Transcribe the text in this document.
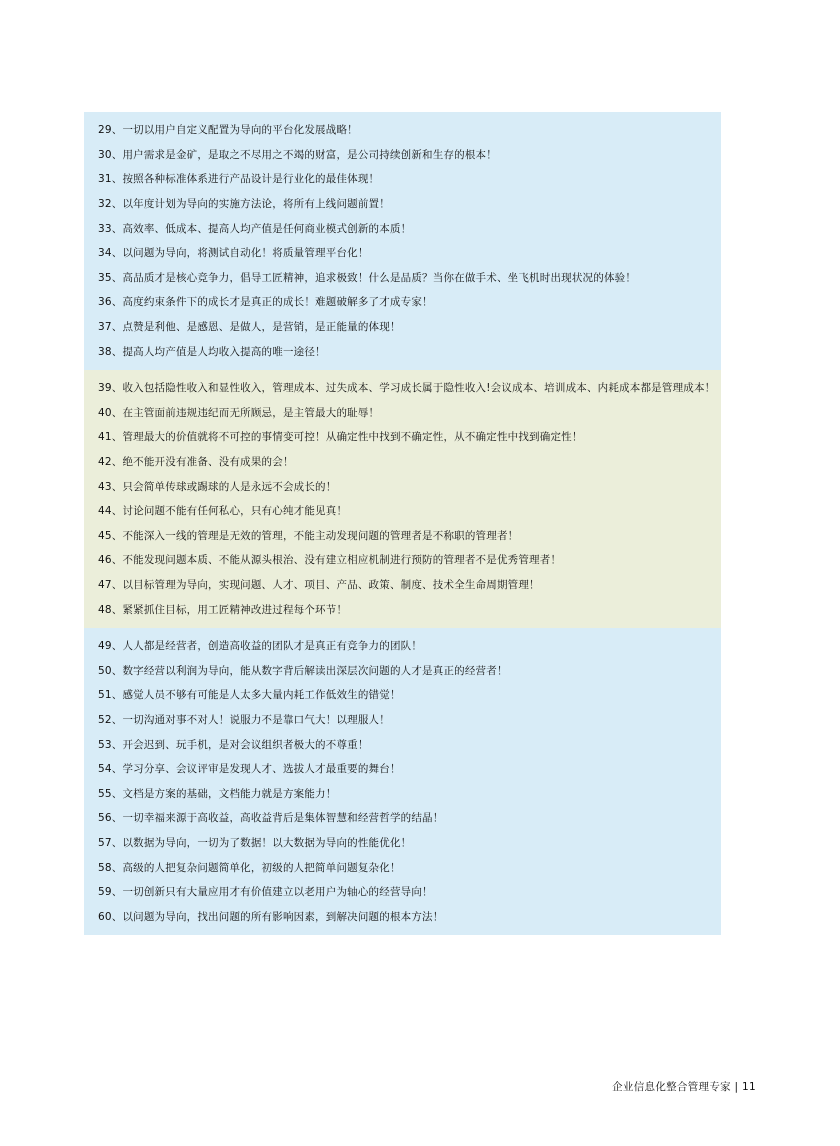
29、一切以用户自定义配置为导向的平台化发展战略！
30、用户需求是金矿，是取之不尽用之不竭的财富，是公司持续创新和生存的根本！
31、按照各种标准体系进行产品设计是行业化的最佳体现！
32、以年度计划为导向的实施方法论，将所有上线问题前置！
33、高效率、低成本、提高人均产值是任何商业模式创新的本质！
34、以问题为导向，将测试自动化！将质量管理平台化！
35、高品质才是核心竞争力，倡导工匠精神，追求极致！什么是品质？当你在做手术、坐飞机时出现状况的体验！
36、高度约束条件下的成长才是真正的成长！难题破解多了才成专家！
37、点赞是利他、是感恩、是做人，是营销，是正能量的体现！
38、提高人均产值是人均收入提高的唯一途径！
39、收入包括隐性收入和显性收入，管理成本、过失成本、学习成长属于隐性收入!会议成本、培训成本、内耗成本都是管理成本！
40、在主管面前违规违纪而无所顾忌，是主管最大的耻辱！
41、管理最大的价值就将不可控的事情变可控！从确定性中找到不确定性，从不确定性中找到确定性！
42、绝不能开没有准备、没有成果的会！
43、只会简单传球或踢球的人是永远不会成长的！
44、讨论问题不能有任何私心，只有心纯才能见真！
45、不能深入一线的管理是无效的管理，不能主动发现问题的管理者是不称职的管理者！
46、不能发现问题本质、不能从源头根治、没有建立相应机制进行预防的管理者不是优秀管理者！
47、以目标管理为导向，实现问题、人才、项目、产品、政策、制度、技术全生命周期管理！
48、紧紧抓住目标，用工匠精神改进过程每个环节！
49、人人都是经营者，创造高收益的团队才是真正有竞争力的团队！
50、数字经营以利润为导向，能从数字背后解读出深层次问题的人才是真正的经营者！
51、感觉人员不够有可能是人太多大量内耗工作低效生的错觉！
52、一切沟通对事不对人！说服力不是靠口气大！以理服人！
53、开会迟到、玩手机，是对会议组织者极大的不尊重！
54、学习分享、会议评审是发现人才、选拔人才最重要的舞台！
55、文档是方案的基础，文档能力就是方案能力！
56、一切幸福来源于高收益，高收益背后是集体智慧和经营哲学的结晶！
57、以数据为导向，一切为了数据！以大数据为导向的性能优化！
58、高级的人把复杂问题简单化，初级的人把简单问题复杂化！
59、一切创新只有大量应用才有价值建立以老用户为轴心的经营导向！
60、以问题为导向，找出问题的所有影响因素，到解决问题的根本方法！
企业信息化整合管理专家 | 11
